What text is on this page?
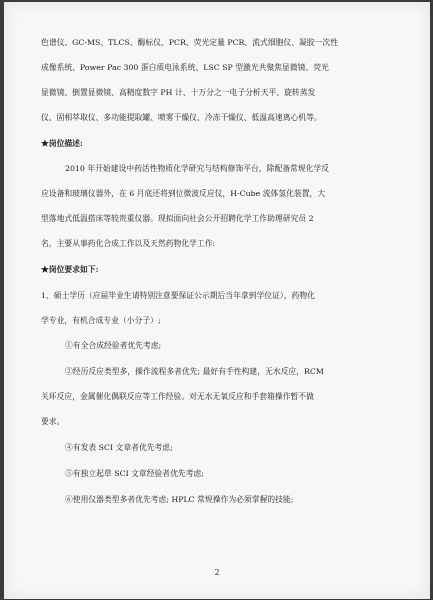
色谱仪、GC-MS、TLCS、酶标仪、PCR、荧光定量 PCR、流式细胞仪、凝胶一次性
成像系统、Power Pac 300 蛋白质电泳系统、LSC SP 型激光共聚焦显微镜、荧光
显微镜、倒置显微镜、高精度数字 PH 计、十万分之一电子分析天平、旋转蒸发
仪、固相萃取仪、多功能提取罐、喷雾干燥仪、冷冻干燥仪、低温高速离心机等。
★岗位描述:
2010 年开始建设中药活性物质化学研究与结构修饰平台，除配备常规化学反
应设备和玻璃仪器外，在 6 月底还将到位微波反应仪，H-Cube 流体氢化装置，大
型落地式低温搭床等较贵重仪器。现拟面向社会公开招聘化学工作助理研究员 2
名，主要从事药化合成工作以及天然药物化学工作:
★岗位要求如下:
1、硕士学历（应届毕业生请特别注意要保证公示期后当年拿到学位证），药物化
学专业，有机合成专业（小分子）;
①有全合成经验者优先考虑;
②经历反应类型多，操作流程多者优先; 最好有手性构建，无水反应，RCM
关环反应，金属催化偶联反应等工作经验。对无水无氧反应和手套箱操作暂不做
要求。
④有发表 SCI 文章者优先考虑;
⑤有独立起草 SCI 文章经验者优先考虑;
⑥使用仪器类型多者优先考虑; HPLC 常规操作为必须掌握的技能;
2
